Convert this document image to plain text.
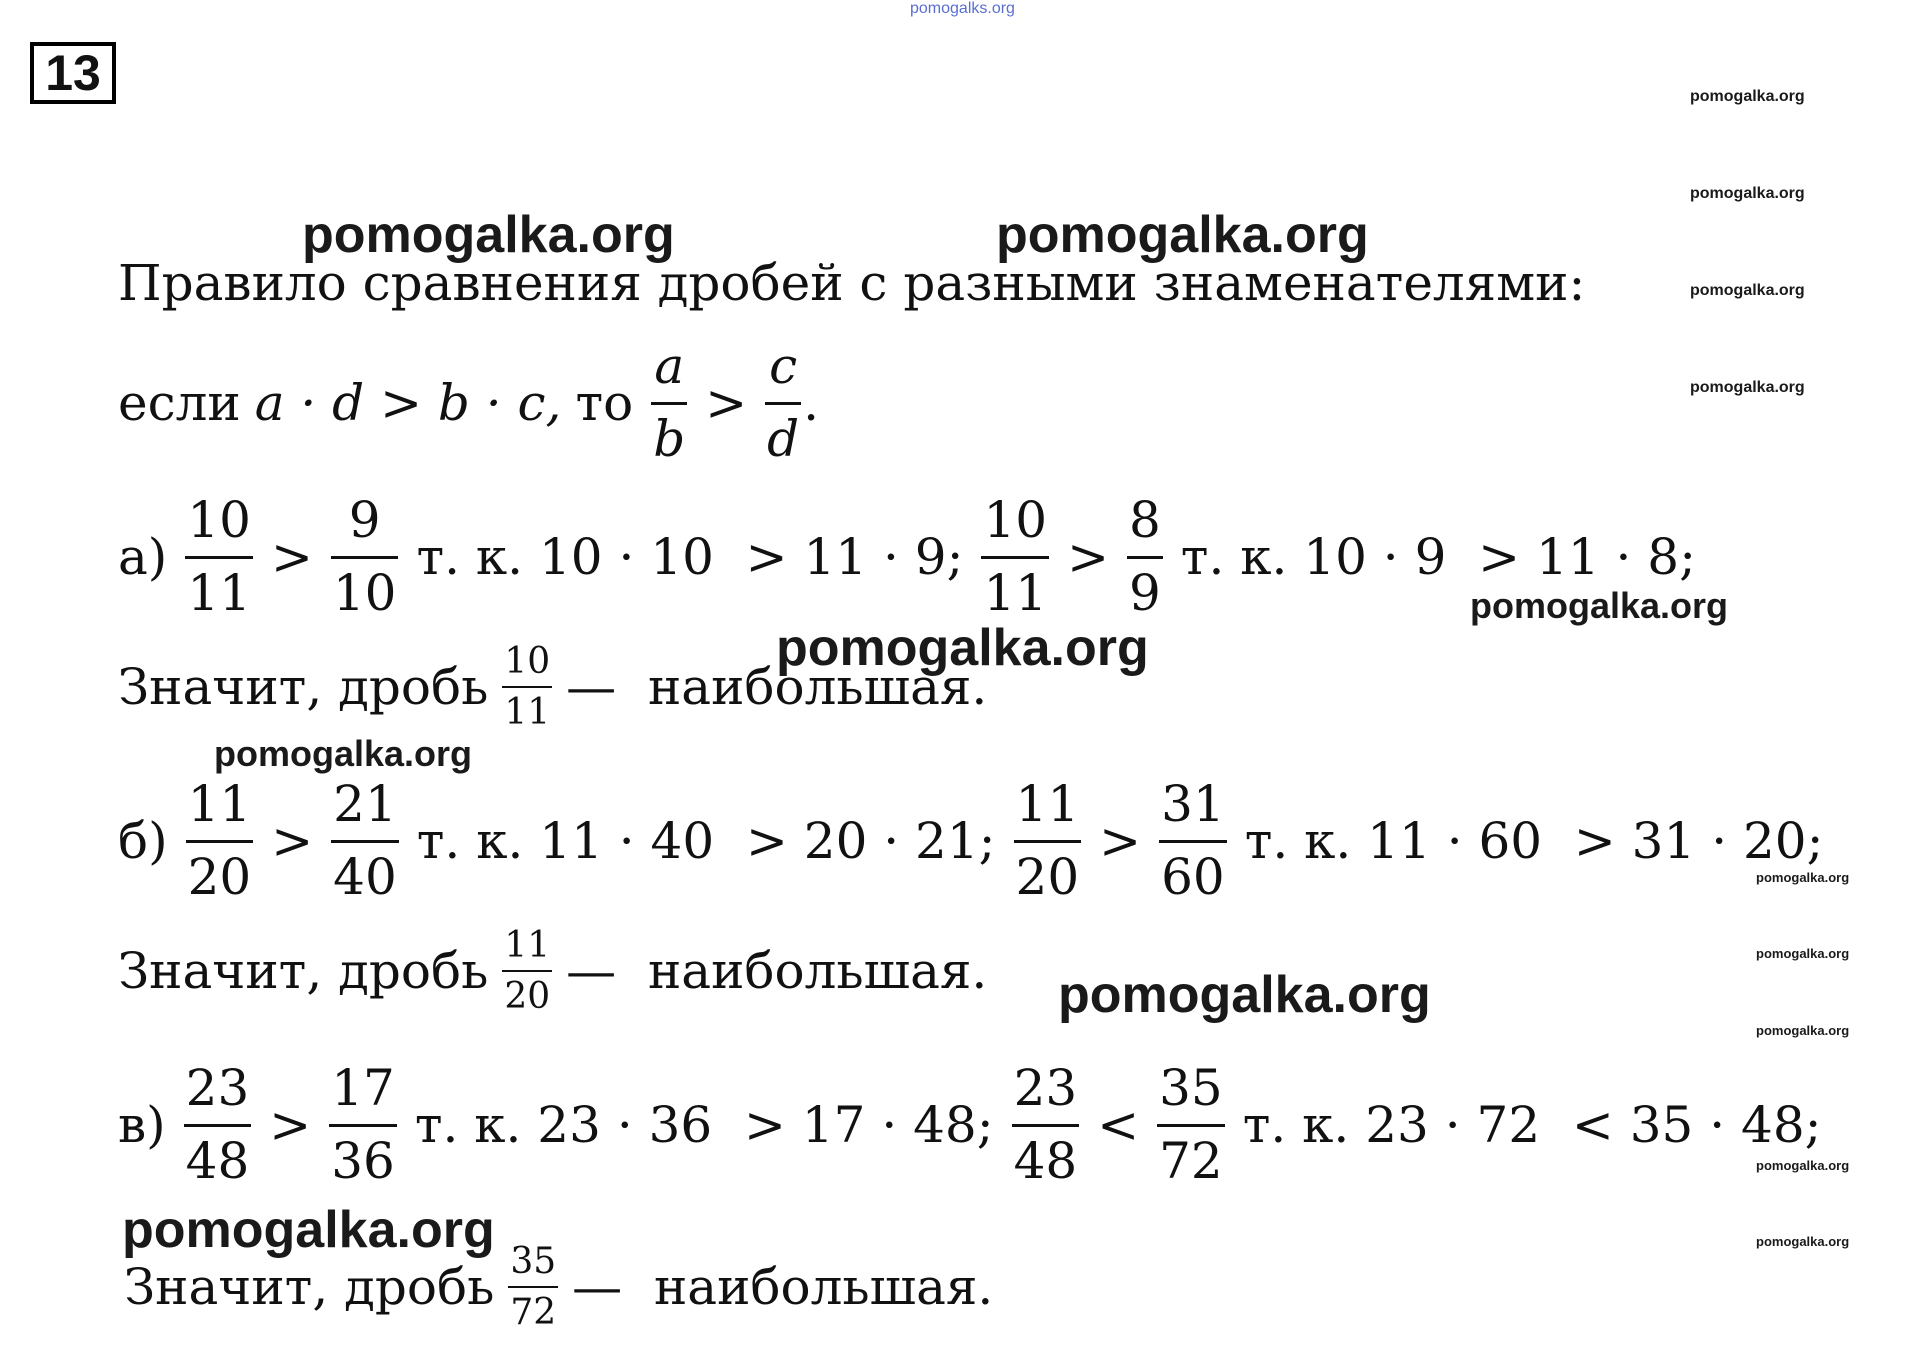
pomogalks.org
13	pomogalka.org
pomogalka.org
pomogalka.org
pomogalka.org
pomogalka.org
pomogalka.org
pomogalka.org
pomogalka.org
pomogalka.org
pomogalka.org	pomogalka.org
pomogalka.org
pomogalka.org
pomogalka.org
pomogalka.org
pomogalka.org
Правило сравнения дробей с разными знаменателями:
если a · d > b · c, то $\frac{a}{b} > \frac{c}{d}$ .
$а) \frac{10}{11} > \frac{9}{10} т$. к. 10 · 10  > 11 · 9; $\frac{10}{11} > \frac{8}{9} т$. к. 10 · 9  > 11 · 8;
Значит, дробь $\frac{10}{11}$ —  наибольшая.
$б) \frac{11}{20} > \frac{21}{40} т$. к. 11 · 40  > 20 · 21; $\frac{11}{20} > \frac{31}{60} т$. к. 11 · 60  > 31 · 20;
Значит, дробь $\frac{11}{20}$ —  наибольшая.
$в) \frac{23}{48} > \frac{17}{36} т$. к. 23 · 36  > 17 · 48; $\frac{23}{48} < \frac{35}{72} т$. к. 23 · 72  < 35 · 48;
Значит, дробь $\frac{35}{72}$ —  наибольшая.
